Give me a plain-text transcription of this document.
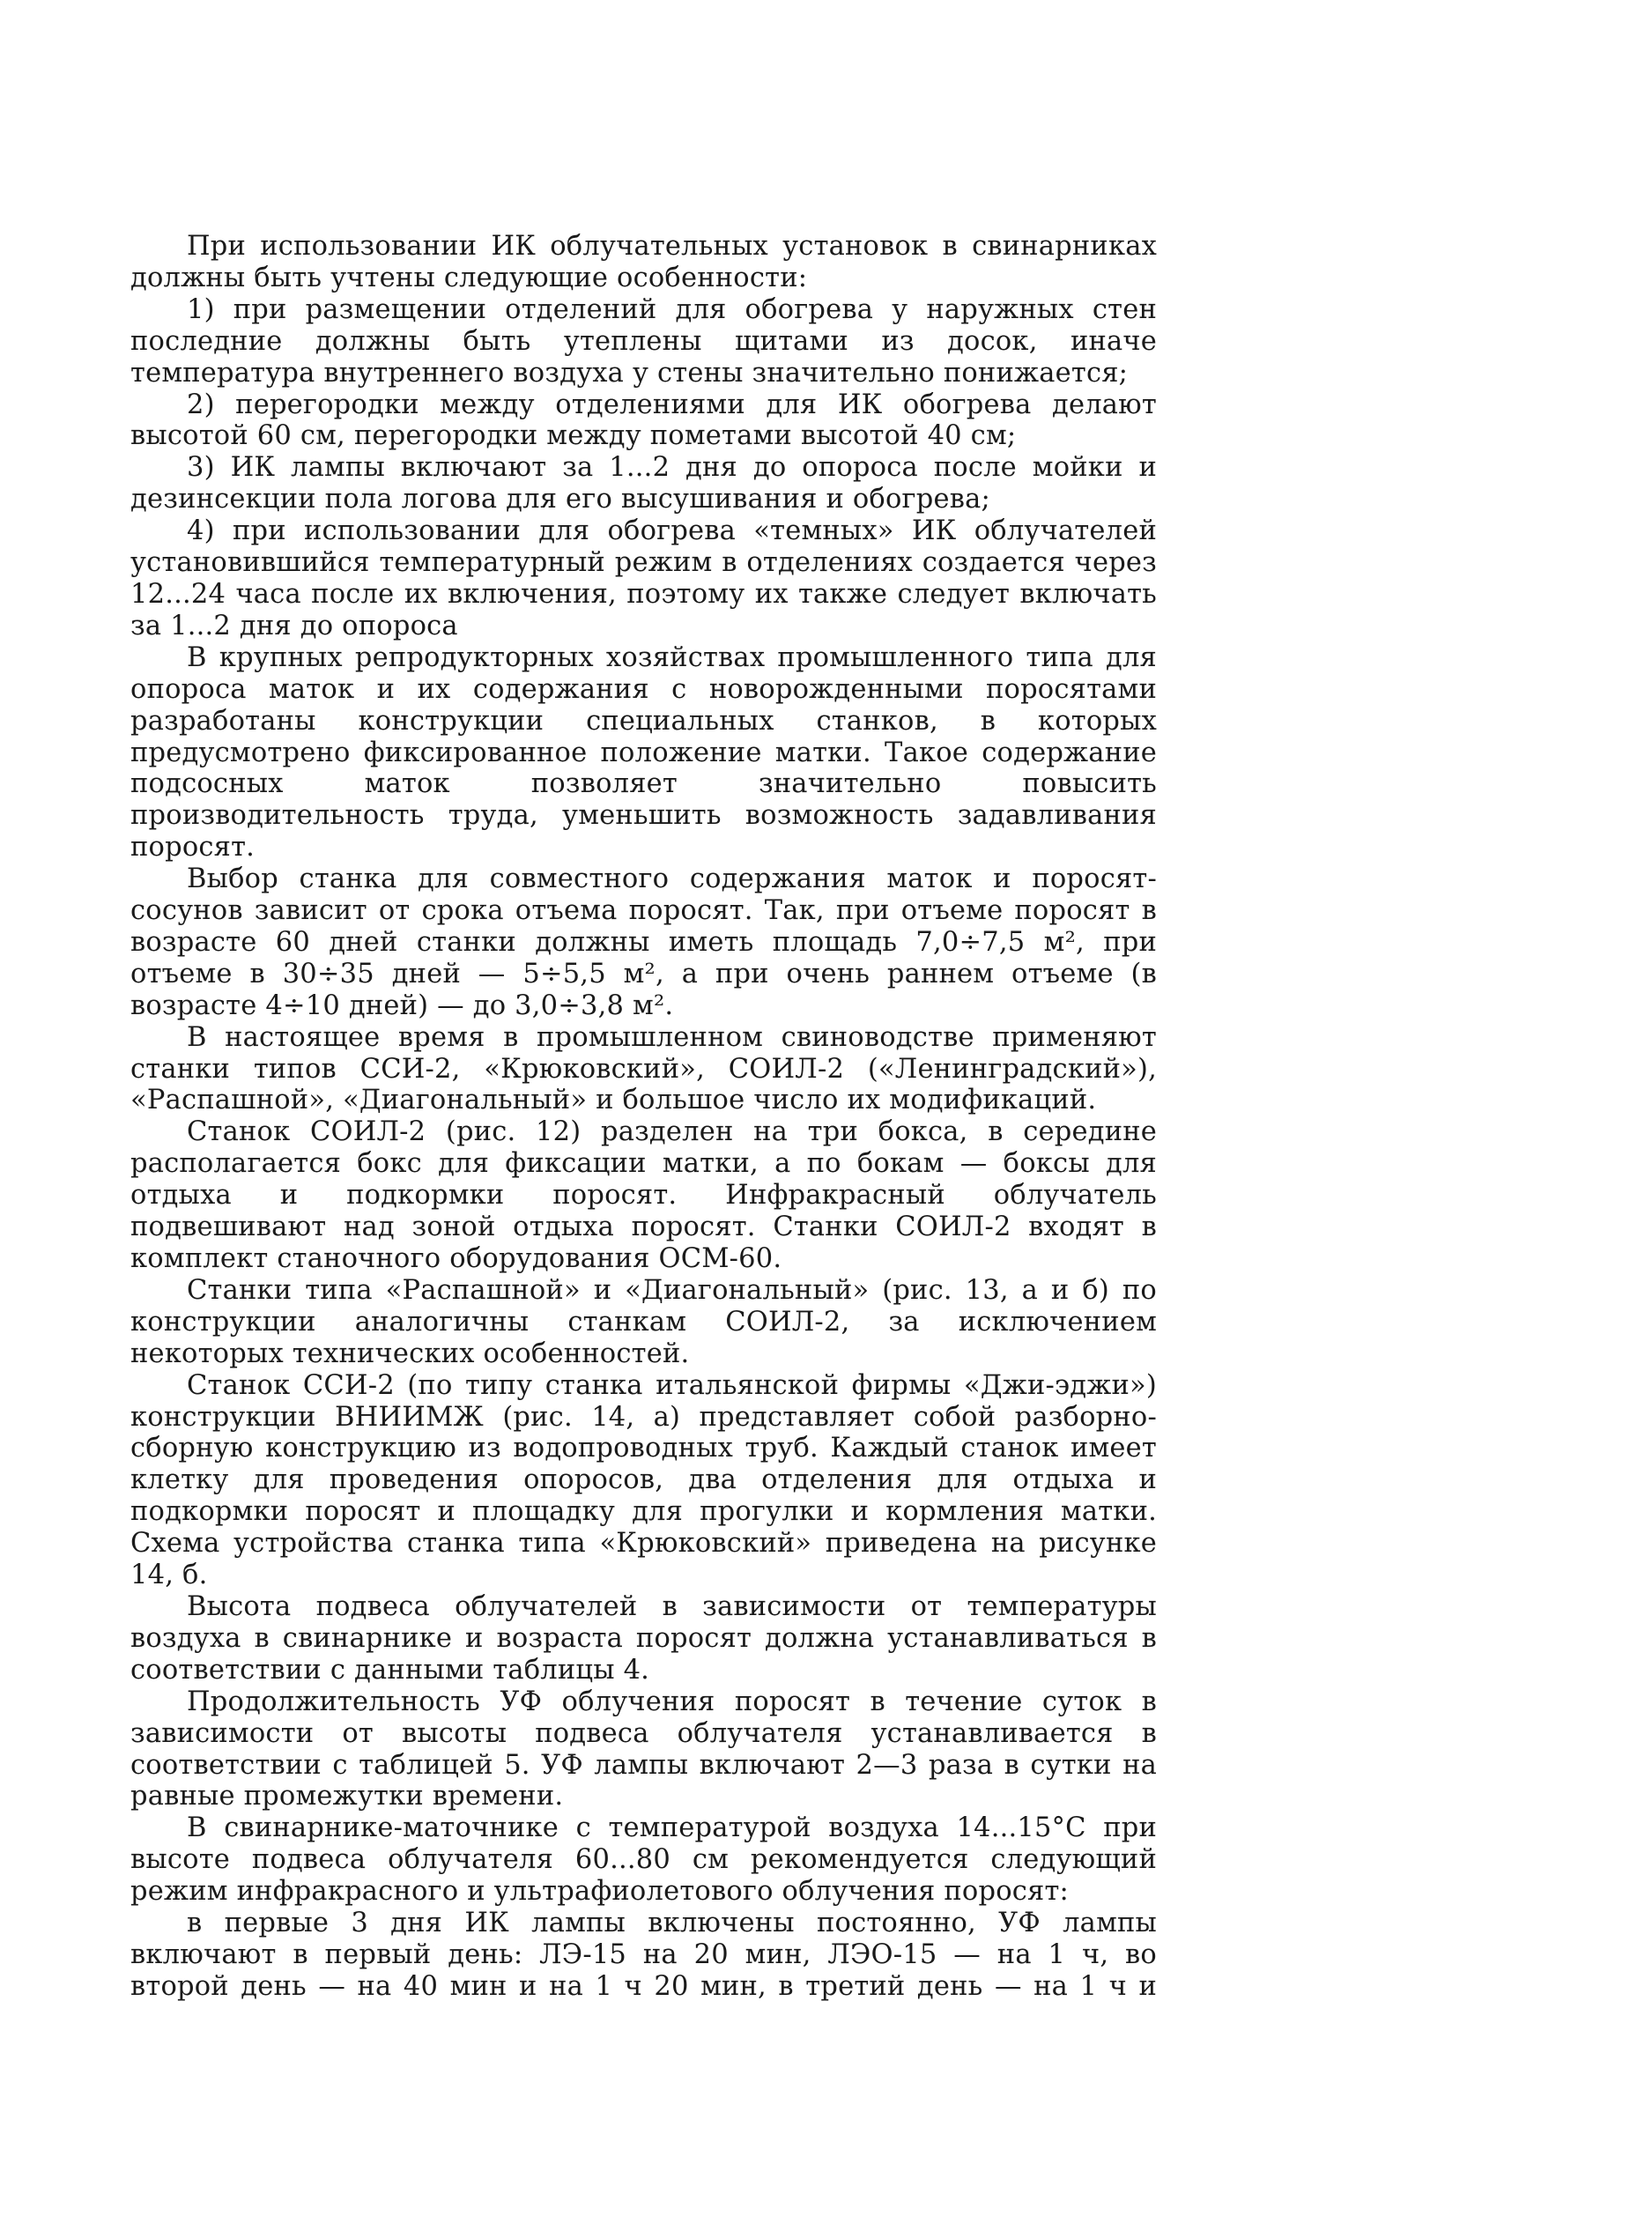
При использовании ИК облучательных установок в свинарниках должны быть учтены следующие особенности:

1) при размещении отделений для обогрева у наружных стен последние должны быть утеплены щитами из досок, иначе температура внутреннего воздуха у стены значительно понижается;

2) перегородки между отделениями для ИК обогрева делают высотой 60 см, перегородки между пометами высотой 40 см;

3) ИК лампы включают за 1...2 дня до опороса после мойки и дезинсекции пола логова для его высушивания и обогрева;

4) при использовании для обогрева «темных» ИК облучателей установившийся температурный режим в отделениях создается через 12...24 часа после их включения, поэтому их также следует включать за 1...2 дня до опороса

В крупных репродукторных хозяйствах промышленного типа для опороса маток и их содержания с новорожденными поросятами разработаны конструкции специальных станков, в которых предусмотрено фиксированное положение матки. Такое содержание подсосных маток позволяет значительно повысить производительность труда, уменьшить возможность задавливания поросят.

Выбор станка для совместного содержания маток и поросят-сосунов зависит от срока отъема поросят. Так, при отъеме поросят в возрасте 60 дней станки должны иметь площадь 7,0÷7,5 м², при отъеме в 30÷35 дней — 5÷5,5 м², а при очень раннем отъеме (в возрасте 4÷10 дней) — до 3,0÷3,8 м².

В настоящее время в промышленном свиноводстве применяют станки типов ССИ-2, «Крюковский», СОИЛ-2 («Ленинградский»), «Распашной», «Диагональный» и большое число их модификаций.

Станок СОИЛ-2 (рис. 12) разделен на три бокса, в середине располагается бокс для фиксации матки, а по бокам — боксы для отдыха и подкормки поросят. Инфракрасный облучатель подвешивают над зоной отдыха поросят. Станки СОИЛ-2 входят в комплект станочного оборудования ОСМ-60.

Станки типа «Распашной» и «Диагональный» (рис. 13, а и б) по конструкции аналогичны станкам СОИЛ-2, за исключением некоторых технических особенностей.

Станок ССИ-2 (по типу станка итальянской фирмы «Джи-эджи») конструкции ВНИИМЖ (рис. 14, а) представляет собой разборно-сборную конструкцию из водопроводных труб. Каждый станок имеет клетку для проведения опоросов, два отделения для отдыха и подкормки поросят и площадку для прогулки и кормления матки. Схема устройства станка типа «Крюковский» приведена на рисунке 14, б.

Высота подвеса облучателей в зависимости от температуры воздуха в свинарнике и возраста поросят должна устанавливаться в соответствии с данными таблицы 4.

Продолжительность УФ облучения поросят в течение суток в зависимости от высоты подвеса облучателя устанавливается в соответствии с таблицей 5. УФ лампы включают 2—3 раза в сутки на равные промежутки времени.

В свинарнике-маточнике с температурой воздуха 14...15°С при высоте подвеса облучателя 60...80 см рекомендуется следующий режим инфракрасного и ультрафиолетового облучения поросят:

в первые 3 дня ИК лампы включены постоянно, УФ лампы включают в первый день: ЛЭ-15 на 20 мин, ЛЭО-15 — на 1 ч, во второй день — на 40 мин и на 1 ч 20 мин, в третий день — на 1 ч и
